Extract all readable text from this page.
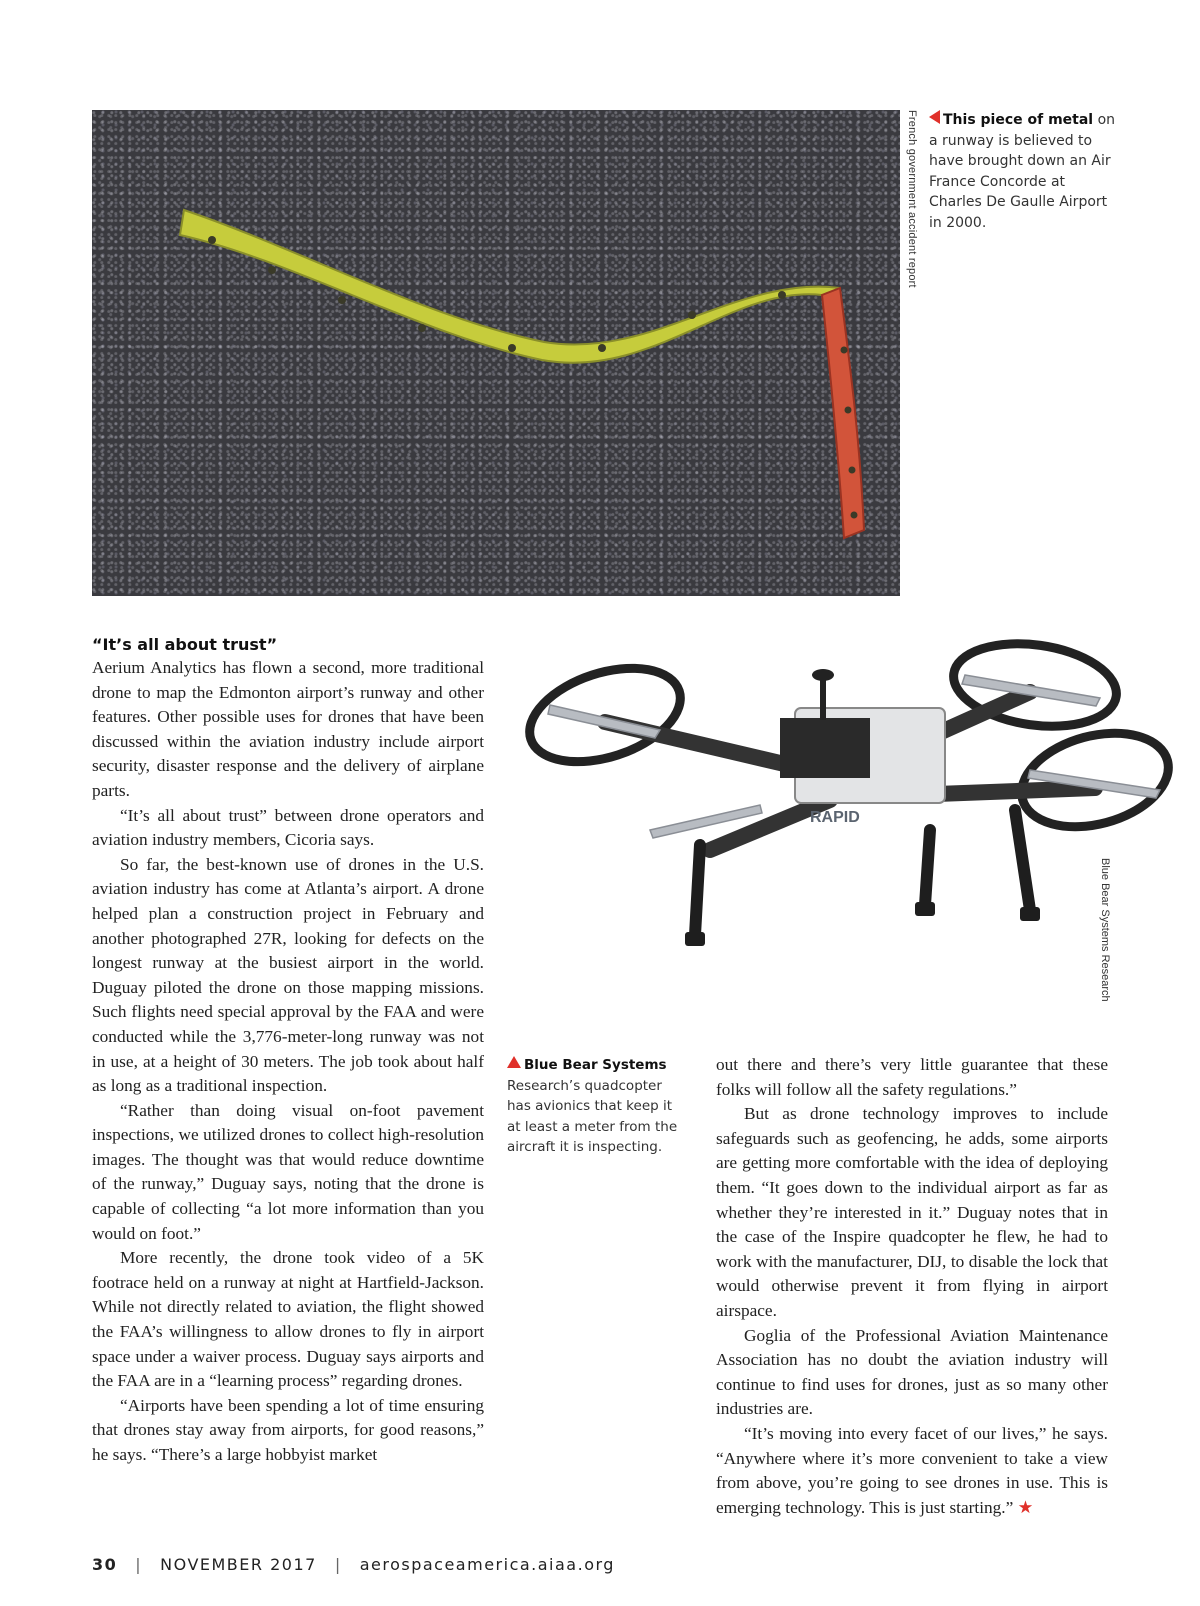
French government accident report	This piece of metal on a runway is believed to have brought down an Air France Concorde at Charles De Gaulle Airport in 2000.
RAPID
Blue Bear Systems Research
“It’s all about trust”

Aerium Analytics has flown a second, more traditional drone to map the Edmonton airport’s runway and other features. Other possible uses for drones that have been discussed within the aviation industry include airport security, disaster response and the delivery of airplane parts.

“It’s all about trust” between drone operators and aviation industry members, Cicoria says.

So far, the best-known use of drones in the U.S. aviation industry has come at Atlanta’s airport. A drone helped plan a construction project in February and another photographed 27R, looking for defects on the longest runway at the busiest airport in the world. Duguay piloted the drone on those mapping missions. Such flights need special approval by the FAA and were conducted while the 3,776-meter-long runway was not in use, at a height of 30 meters. The job took about half as long as a traditional inspection.

“Rather than doing visual on-foot pavement inspections, we utilized drones to collect high-resolution images. The thought was that would reduce downtime of the runway,” Duguay says, noting that the drone is capable of collecting “a lot more information than you would on foot.”

More recently, the drone took video of a 5K footrace held on a runway at night at Hartfield-Jackson. While not directly related to aviation, the flight showed the FAA’s willingness to allow drones to fly in airport space under a waiver process. Duguay says airports and the FAA are in a “learning process” regarding drones.

“Airports have been spending a lot of time ensuring that drones stay away from airports, for good reasons,” he says. “There’s a large hobbyist market

Blue Bear Systems Research’s quadcopter has avionics that keep it at least a meter from the aircraft it is inspecting.

out there and there’s very little guarantee that these folks will follow all the safety regulations.”

But as drone technology improves to include safeguards such as geofencing, he adds, some airports are getting more comfortable with the idea of deploying them. “It goes down to the individual airport as far as whether they’re interested in it.” Duguay notes that in the case of the Inspire quadcopter he flew, he had to work with the manufacturer, DIJ, to disable the lock that would otherwise prevent it from flying in airport airspace.

Goglia of the Professional Aviation Maintenance Association has no doubt the aviation industry will continue to find uses for drones, just as so many other industries are.

“It’s moving into every facet of our lives,” he says. “Anywhere where it’s more convenient to take a view from above, you’re going to see drones in use. This is emerging technology. This is just starting.” ★

30 | NOVEMBER 2017 | aerospaceamerica.aiaa.org
